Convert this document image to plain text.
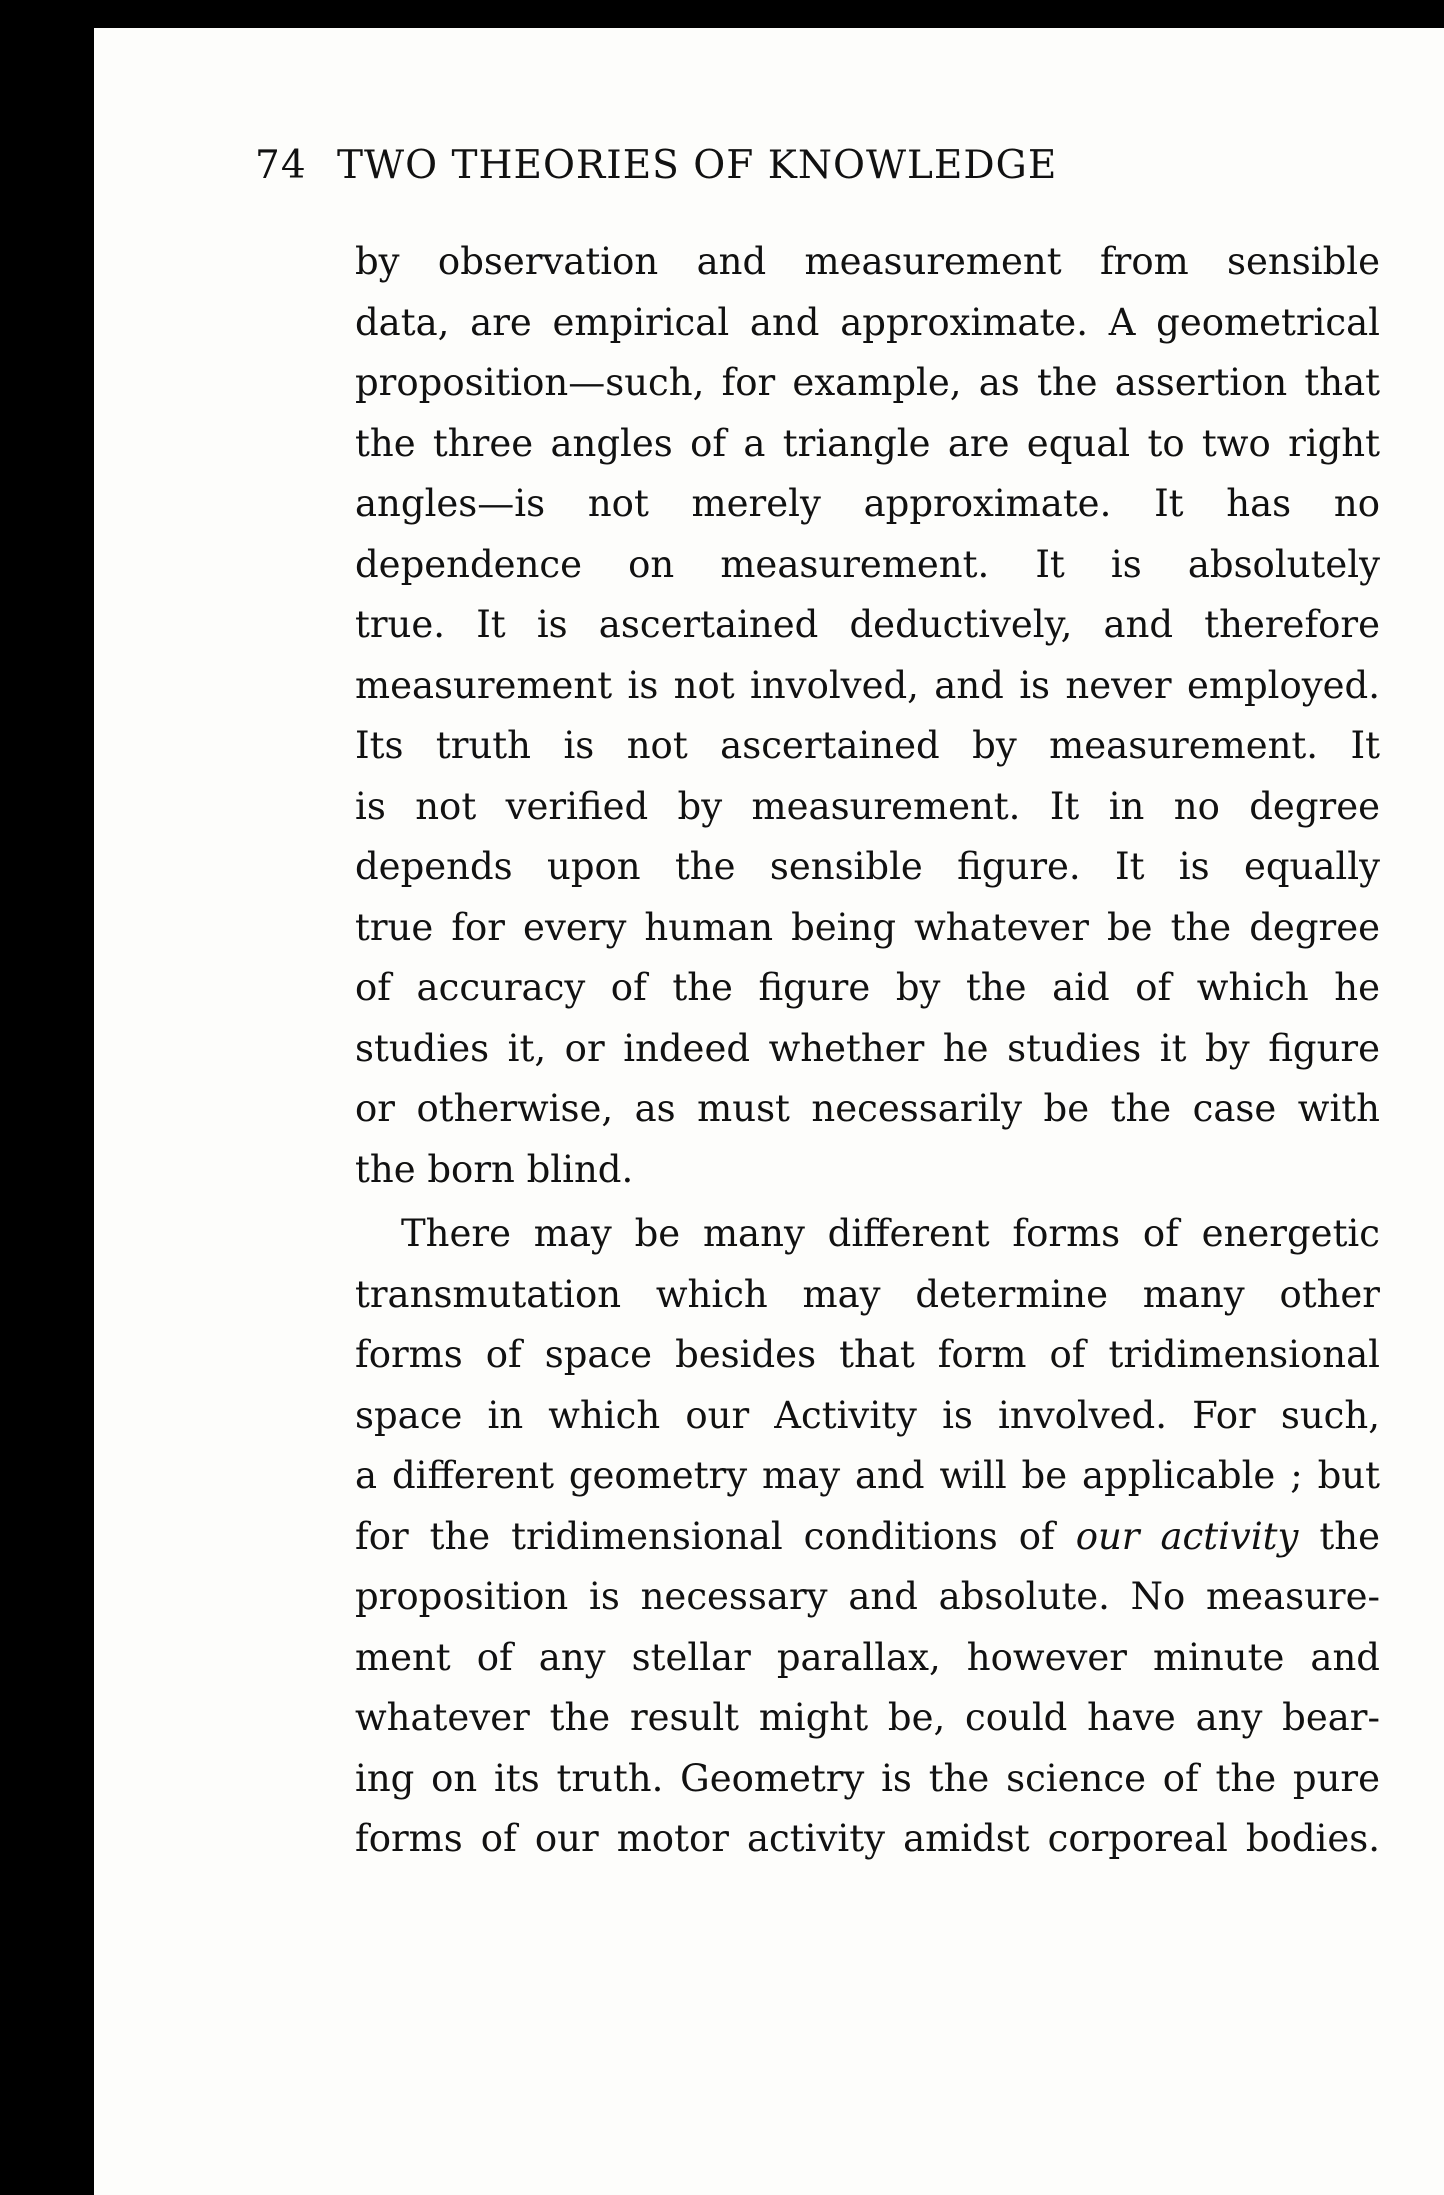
74 TWO THEORIES OF KNOWLEDGE
by observation and measurement from sensible
data, are empirical and approximate. A geometrical
proposition—such, for example, as the assertion that
the three angles of a triangle are equal to two right
angles—is not merely approximate. It has no
dependence on measurement. It is absolutely
true. It is ascertained deductively, and therefore
measurement is not involved, and is never employed.
Its truth is not ascertained by measurement. It
is not verified by measurement. It in no degree
depends upon the sensible figure. It is equally
true for every human being whatever be the degree
of accuracy of the figure by the aid of which he
studies it, or indeed whether he studies it by figure
or otherwise, as must necessarily be the case with
the born blind.
There may be many different forms of energetic
transmutation which may determine many other
forms of space besides that form of tridimensional
space in which our Activity is involved. For such,
a different geometry may and will be applicable ; but
for the tridimensional conditions of our activity the
proposition is necessary and absolute. No measure-
ment of any stellar parallax, however minute and
whatever the result might be, could have any bear-
ing on its truth. Geometry is the science of the pure
forms of our motor activity amidst corporeal bodies.
